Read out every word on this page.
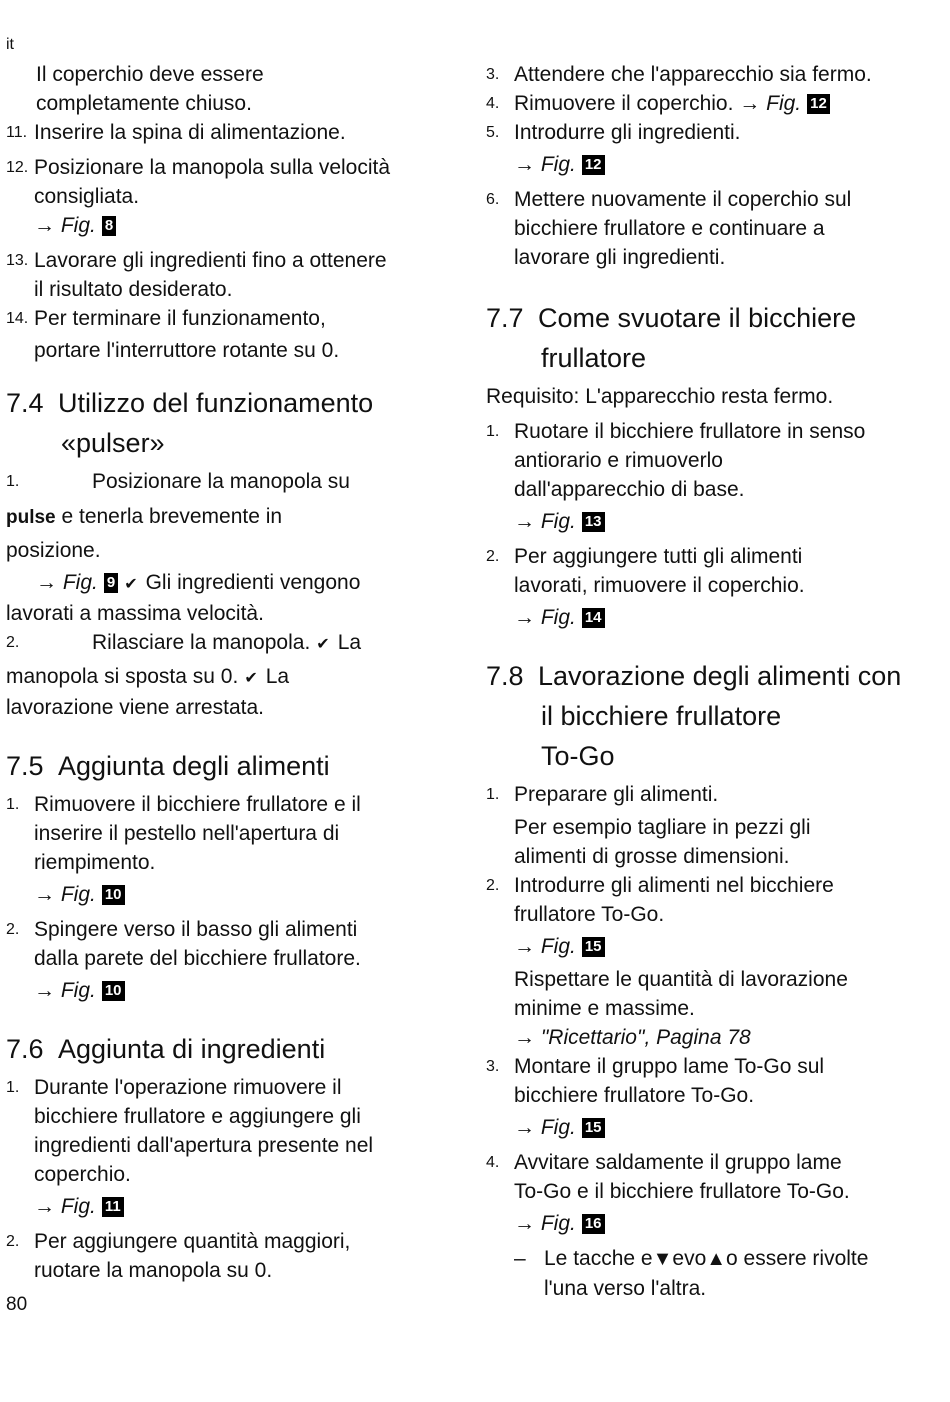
it
Il coperchio deve essere
completamente chiuso.
11. Inserire la spina di alimentazione.
12. Posizionare la manopola sulla velocità
consigliata.
→ Fig. 8
13. Lavorare gli ingredienti fino a ottenere
il risultato desiderato.
14. Per terminare il funzionamento,
portare l'interruttore rotante su 0.
7.4 Utilizzo del funzionamento
«pulser»
1.	Posizionare la manopola su
pulse e tenerla brevemente in
posizione.
→ Fig. 9 ✔ Gli ingredienti vengono
lavorati a massima velocità.
2.	Rilasciare la manopola. ✔ La
manopola si sposta su 0. ✔ La
lavorazione viene arrestata.
7.5 Aggiunta degli alimenti
1. Rimuovere il bicchiere frullatore e il
inserire il pestello nell'apertura di
riempimento.
→ Fig. 10
2. Spingere verso il basso gli alimenti
dalla parete del bicchiere frullatore.
→ Fig. 10
7.6 Aggiunta di ingredienti
1. Durante l'operazione rimuovere il
bicchiere frullatore e aggiungere gli
ingredienti dall'apertura presente nel
coperchio.
→ Fig. 11
2. Per aggiungere quantità maggiori,
ruotare la manopola su 0.
3. Attendere che l'apparecchio sia fermo.
4. Rimuovere il coperchio. → Fig. 12
5. Introdurre gli ingredienti.
→ Fig. 12
6. Mettere nuovamente il coperchio sul
bicchiere frullatore e continuare a
lavorare gli ingredienti.
7.7 Come svuotare il bicchiere
frullatore
Requisito: L'apparecchio resta fermo.
1. Ruotare il bicchiere frullatore in senso
antiorario e rimuoverlo
dall'apparecchio di base.
→ Fig. 13
2. Per aggiungere tutti gli alimenti
lavorati, rimuovere il coperchio.
→ Fig. 14
7.8 Lavorazione degli alimenti con
il bicchiere frullatore
To-Go
1. Preparare gli alimenti.
Per esempio tagliare in pezzi gli
alimenti di grosse dimensioni.
2. Introdurre gli alimenti nel bicchiere
frullatore To-Go.
→ Fig. 15
Rispettare le quantità di lavorazione
minime e massime.
→ "Ricettario", Pagina 78
3. Montare il gruppo lame To-Go sul
bicchiere frullatore To-Go.
→ Fig. 15
4. Avvitare saldamente il gruppo lame
To-Go e il bicchiere frullatore To-Go.
→ Fig. 16
– Le tacche e▼evo▲o essere rivolte
l'una verso l'altra.
80
